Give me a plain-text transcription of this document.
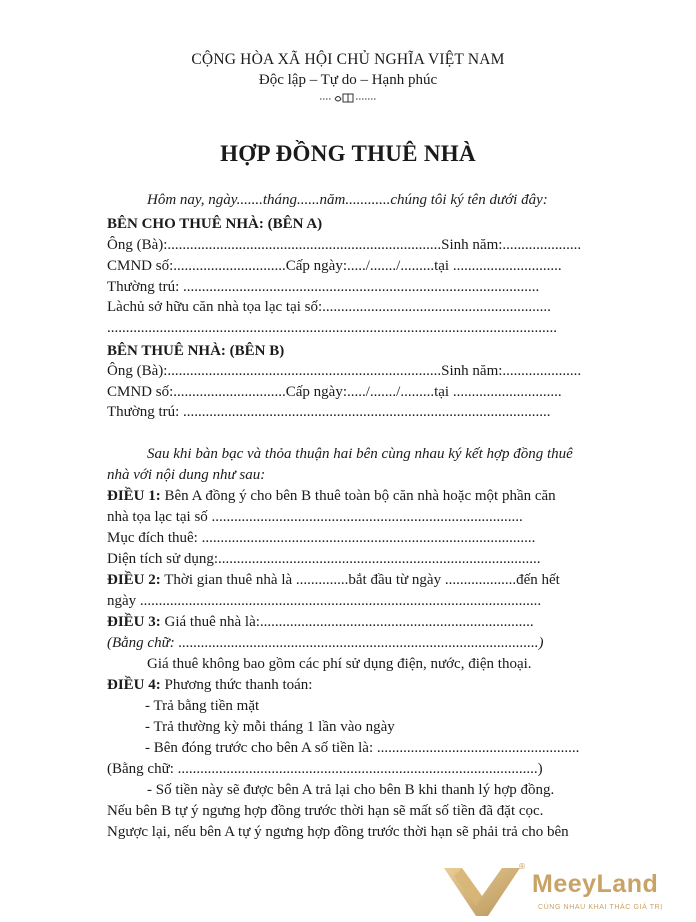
CỘNG HÒA XÃ HỘI CHỦ NGHĨA VIỆT NAM
Độc lập – Tự do – Hạnh phúc
HỢP ĐỒNG THUÊ NHÀ
Hôm nay, ngày.......tháng......năm............chúng tôi ký tên dưới đây:
BÊN CHO THUÊ NHÀ: (BÊN A)
Ông (Bà):.........................................................................Sinh năm:.....................
CMND số:..............................Cấp ngày:...../......./.........tại .............................
Thường trú: ...............................................................................................
Làchủ sở hữu căn nhà tọa lạc tại số:.............................................................
........................................................................................................................
BÊN THUÊ NHÀ: (BÊN B)
Ông (Bà):.........................................................................Sinh năm:.....................
CMND số:..............................Cấp ngày:...../......./.........tại .............................
Thường trú: ..................................................................................................
Sau khi bàn bạc và thỏa thuận hai bên cùng nhau ký kết hợp đồng thuê
nhà với nội dung như sau:
ĐIỀU 1: Bên A đồng ý cho bên B thuê toàn bộ căn nhà hoặc một phần căn
nhà tọa lạc tại số ...................................................................................
Mục đích thuê: .........................................................................................
Diện tích sử dụng:......................................................................................
ĐIỀU 2: Thời gian thuê nhà là ..............bắt đầu từ ngày ...................đến hết
ngày ...........................................................................................................
ĐIỀU 3: Giá thuê nhà là:.........................................................................
(Bằng chữ: ................................................................................................)
Giá thuê không bao gồm các phí sử dụng điện, nước, điện thoại.
ĐIỀU 4: Phương thức thanh toán:
- Trả bằng tiền mặt
- Trả thường kỳ mỗi tháng 1 lần vào ngày
- Bên đóng trước cho bên A số tiền là: ......................................................
(Bằng chữ: ................................................................................................)
- Số tiền này sẽ được bên A trả lại cho bên B khi thanh lý hợp đồng.
Nếu bên B tự ý ngưng hợp đồng trước thời hạn sẽ mất số tiền đã đặt cọc.
Ngược lại, nếu bên A tự ý ngưng hợp đồng trước thời hạn sẽ phải trả cho bên
®
MeeyLand
CÙNG NHAU KHAI THÁC GIÁ TRỊ
